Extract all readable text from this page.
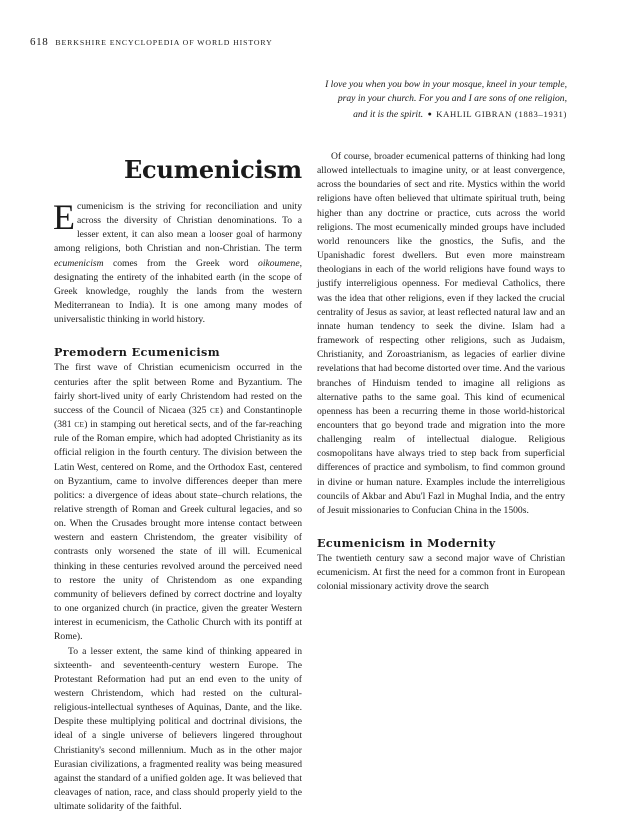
618 BERKSHIRE ENCYCLOPEDIA OF WORLD HISTORY
I love you when you bow in your mosque, kneel in your temple,
pray in your church. For you and I are sons of one religion,
and it is the spirit. ● KAHLIL GIBRAN (1883–1931)
Ecumenicism

Ecumenicism is the striving for reconciliation and unity across the diversity of Christian denominations. To a lesser extent, it can also mean a looser goal of harmony among religions, both Christian and non-Christian. The term ecumenicism comes from the Greek word oikoumene, designating the entirety of the inhabited earth (in the scope of Greek knowledge, roughly the lands from the western Mediterranean to India). It is one among many modes of universalistic thinking in world history.

Premodern Ecumenicism

The first wave of Christian ecumenicism occurred in the centuries after the split between Rome and Byzantium. The fairly short-lived unity of early Christendom had rested on the success of the Council of Nicaea (325 CE) and Constantinople (381 CE) in stamping out heretical sects, and of the far-reaching rule of the Roman empire, which had adopted Christianity as its official religion in the fourth century. The division between the Latin West, centered on Rome, and the Orthodox East, centered on Byzantium, came to involve differences deeper than mere politics: a divergence of ideas about state–church relations, the relative strength of Roman and Greek cultural legacies, and so on. When the Crusades brought more intense contact between western and eastern Christendom, the greater visibility of contrasts only worsened the state of ill will. Ecumenical thinking in these centuries revolved around the perceived need to restore the unity of Christendom as one expanding community of believers defined by correct doctrine and loyalty to one organized church (in practice, given the greater Western interest in ecumenicism, the Catholic Church with its pontiff at Rome).

To a lesser extent, the same kind of thinking appeared in sixteenth- and seventeenth-century western Europe. The Protestant Reformation had put an end even to the unity of western Christendom, which had rested on the cultural-religious-intellectual syntheses of Aquinas, Dante, and the like. Despite these multiplying political and doctrinal divisions, the ideal of a single universe of believers lingered throughout Christianity's second millennium. Much as in the other major Eurasian civilizations, a fragmented reality was being measured against the standard of a unified golden age. It was believed that cleavages of nation, race, and class should properly yield to the ultimate solidarity of the faithful.

Of course, broader ecumenical patterns of thinking had long allowed intellectuals to imagine unity, or at least convergence, across the boundaries of sect and rite. Mystics within the world religions have often believed that ultimate spiritual truth, being higher than any doctrine or practice, cuts across the world religions. The most ecumenically minded groups have included world renouncers like the gnostics, the Sufis, and the Upanishadic forest dwellers. But even more mainstream theologians in each of the world religions have found ways to justify interreligious openness. For medieval Catholics, there was the idea that other religions, even if they lacked the crucial centrality of Jesus as savior, at least reflected natural law and an innate human tendency to seek the divine. Islam had a framework of respecting other religions, such as Judaism, Christianity, and Zoroastrianism, as legacies of earlier divine revelations that had become distorted over time. And the various branches of Hinduism tended to imagine all religions as alternative paths to the same goal. This kind of ecumenical openness has been a recurring theme in those world-historical encounters that go beyond trade and migration into the more challenging realm of intellectual dialogue. Religious cosmopolitans have always tried to step back from superficial differences of practice and symbolism, to find common ground in divine or human nature. Examples include the interreligious councils of Akbar and Abu'l Fazl in Mughal India, and the entry of Jesuit missionaries to Confucian China in the 1500s.

Ecumenicism in Modernity

The twentieth century saw a second major wave of Christian ecumenicism. At first the need for a common front in European colonial missionary activity drove the search
